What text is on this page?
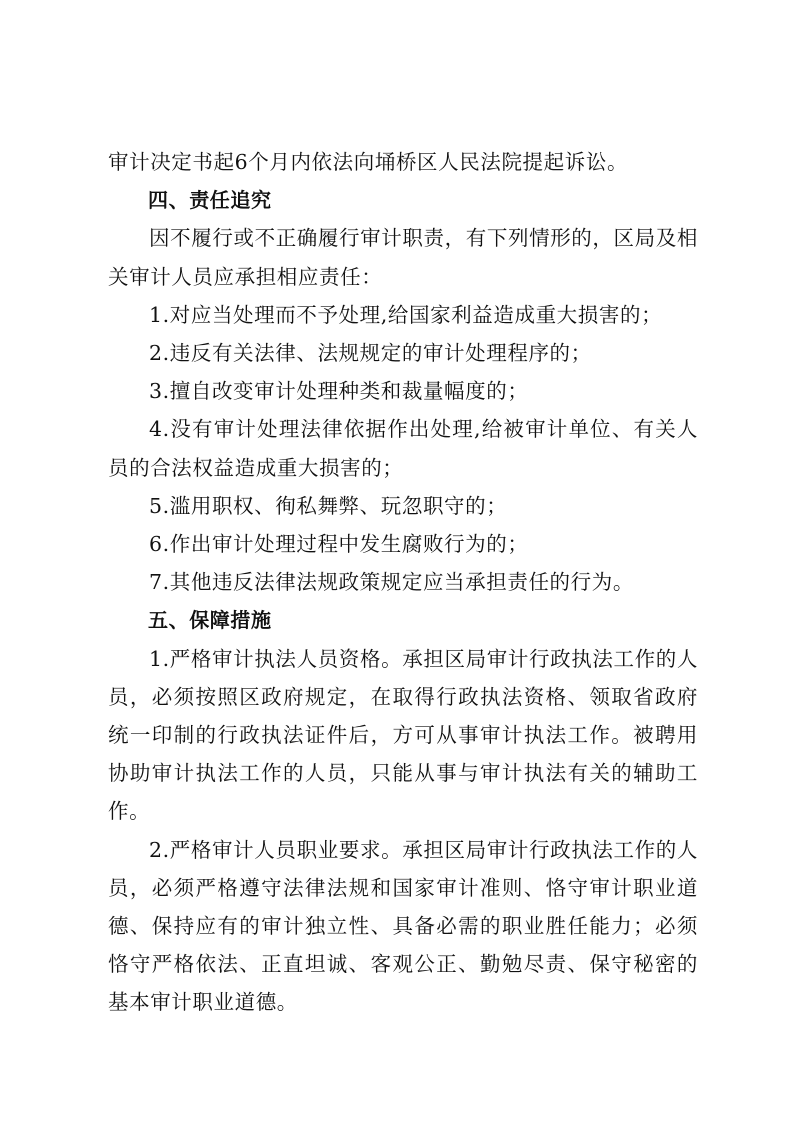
审计决定书起6个月内依法向埇桥区人民法院提起诉讼。

四、责任追究

因不履行或不正确履行审计职责，有下列情形的，区局及相关审计人员应承担相应责任：

1.对应当处理而不予处理,给国家利益造成重大损害的；

2.违反有关法律、法规规定的审计处理程序的；

3.擅自改变审计处理种类和裁量幅度的；

4.没有审计处理法律依据作出处理,给被审计单位、有关人员的合法权益造成重大损害的；

5.滥用职权、徇私舞弊、玩忽职守的；

6.作出审计处理过程中发生腐败行为的；

7.其他违反法律法规政策规定应当承担责任的行为。

五、保障措施

1.严格审计执法人员资格。承担区局审计行政执法工作的人员，必须按照区政府规定，在取得行政执法资格、领取省政府统一印制的行政执法证件后，方可从事审计执法工作。被聘用协助审计执法工作的人员，只能从事与审计执法有关的辅助工作。

2.严格审计人员职业要求。承担区局审计行政执法工作的人员，必须严格遵守法律法规和国家审计准则、恪守审计职业道德、保持应有的审计独立性、具备必需的职业胜任能力；必须恪守严格依法、正直坦诚、客观公正、勤勉尽责、保守秘密的基本审计职业道德。
